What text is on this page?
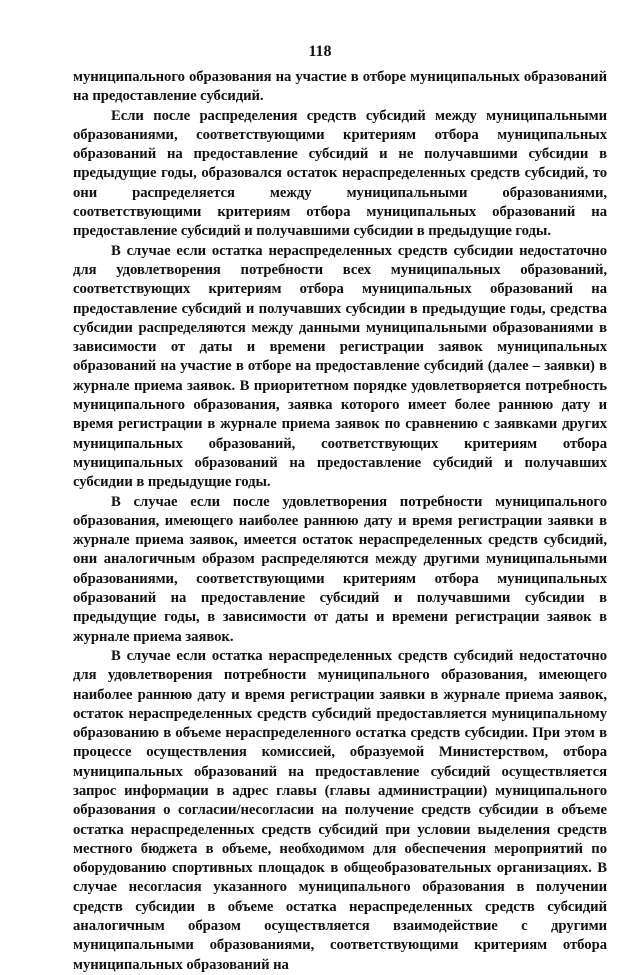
118

муниципального образования на участие в отборе муниципальных образований на предоставление субсидий.

Если после распределения средств субсидий между муниципальными образованиями, соответствующими критериям отбора муниципальных образований на предоставление субсидий и не получавшими субсидии в предыдущие годы, образовался остаток нераспределенных средств субсидий, то они распределяется между муниципальными образованиями, соответствующими критериям отбора муниципальных образований на предоставление субсидий и получавшими субсидии в предыдущие годы.

В случае если остатка нераспределенных средств субсидии недостаточно для удовлетворения потребности всех муниципальных образований, соответствующих критериям отбора муниципальных образований на предоставление субсидий и получавших субсидии в предыдущие годы, средства субсидии распределяются между данными муниципальными образованиями в зависимости от даты и времени регистрации заявок муниципальных образований на участие в отборе на предоставление субсидий (далее – заявки) в журнале приема заявок. В приоритетном порядке удовлетворяется потребность муниципального образования, заявка которого имеет более раннюю дату и время регистрации в журнале приема заявок по сравнению с заявками других муниципальных образований, соответствующих критериям отбора муниципальных образований на предоставление субсидий и получавших субсидии в предыдущие годы.

В случае если после удовлетворения потребности муниципального образования, имеющего наиболее раннюю дату и время регистрации заявки в журнале приема заявок, имеется остаток нераспределенных средств субсидий, они аналогичным образом распределяются между другими муниципальными образованиями, соответствующими критериям отбора муниципальных образований на предоставление субсидий и получавшими субсидии в предыдущие годы, в зависимости от даты и времени регистрации заявок в журнале приема заявок.

В случае если остатка нераспределенных средств субсидий недостаточно для удовлетворения потребности муниципального образования, имеющего наиболее раннюю дату и время регистрации заявки в журнале приема заявок, остаток нераспределенных средств субсидий предоставляется муниципальному образованию в объеме нераспределенного остатка средств субсидии. При этом в процессе осуществления комиссией, образуемой Министерством, отбора муниципальных образований на предоставление субсидий осуществляется запрос информации в адрес главы (главы администрации) муниципального образования о согласии/несогласии на получение средств субсидии в объеме остатка нераспределенных средств субсидий при условии выделения средств местного бюджета в объеме, необходимом для обеспечения мероприятий по оборудованию спортивных площадок в общеобразовательных организациях. В случае несогласия указанного муниципального образования в получении средств субсидии в объеме остатка нераспределенных средств субсидий аналогичным образом осуществляется взаимодействие с другими муниципальными образованиями, соответствующими критериям отбора муниципальных образований на
